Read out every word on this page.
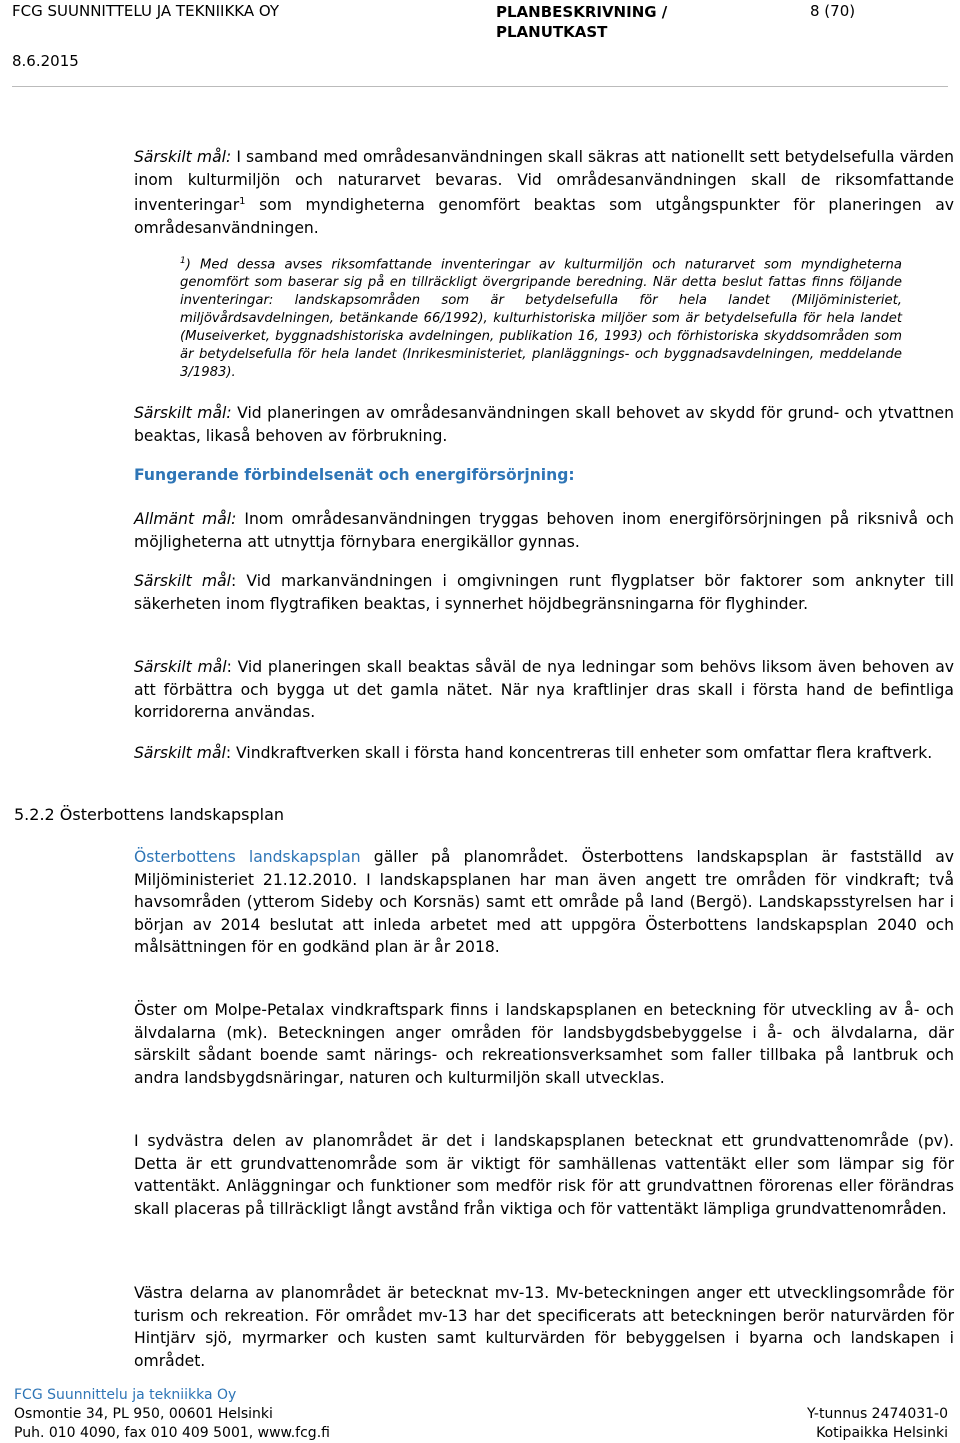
FCG SUUNNITTELU JA TEKNIIKKA OY	PLANBESKRIVNING /
PLANUTKAST
8 (70)
8.6.2015

Särskilt mål: I samband med områdesanvändningen skall säkras att nationellt sett betydelsefulla värden inom kulturmiljön och naturarvet bevaras. Vid områdesanvändningen skall de riksomfattande inventeringar$^1$ som myndigheterna genomfört beaktas som utgångspunkter för planeringen av områdesanvändningen.

$^1$) Med dessa avses riksomfattande inventeringar av kulturmiljön och naturarvet som myndigheterna genomfört som baserar sig på en tillräckligt övergripande beredning. När detta beslut fattas finns följande inventeringar: landskapsområden som är betydelsefulla för hela landet (Miljöministeriet, miljövårdsavdelningen, betänkande 66/1992), kulturhistoriska miljöer som är betydelsefulla för hela landet (Museiverket, byggnadshistoriska avdelningen, publikation 16, 1993) och förhistoriska skyddsområden som är betydelsefulla för hela landet (Inrikesministeriet, planläggnings- och byggnadsavdelningen, meddelande 3/1983).

Särskilt mål: Vid planeringen av områdesanvändningen skall behovet av skydd för grund- och ytvattnen beaktas, likaså behoven av förbrukning.

Fungerande förbindelsenät och energiförsörjning:

Allmänt mål: Inom områdesanvändningen tryggas behoven inom energiförsörjningen på riksnivå och möjligheterna att utnyttja förnybara energikällor gynnas.

Särskilt mål: Vid markanvändningen i omgivningen runt flygplatser bör faktorer som anknyter till säkerheten inom flygtrafiken beaktas, i synnerhet höjdbegränsningarna för flyghinder.

Särskilt mål: Vid planeringen skall beaktas såväl de nya ledningar som behövs liksom även behoven av att förbättra och bygga ut det gamla nätet. När nya kraftlinjer dras skall i första hand de befintliga korridorerna användas.

Särskilt mål: Vindkraftverken skall i första hand koncentreras till enheter som omfattar flera kraftverk.

5.2.2 Österbottens landskapsplan

Österbottens landskapsplan gäller på planområdet. Österbottens landskapsplan är fastställd av Miljöministeriet 21.12.2010. I landskapsplanen har man även angett tre områden för vindkraft; två havsområden (ytterom Sideby och Korsnäs) samt ett område på land (Bergö). Landskapsstyrelsen har i början av 2014 beslutat att inleda arbetet med att uppgöra Österbottens landskapsplan 2040 och målsättningen för en godkänd plan är år 2018.

Öster om Molpe-Petalax vindkraftspark finns i landskapsplanen en beteckning för utveckling av å- och älvdalarna (mk). Beteckningen anger områden för landsbygdsbebyggelse i å- och älvdalarna, där särskilt sådant boende samt närings- och rekreationsverksamhet som faller tillbaka på lantbruk och andra landsbygdsnäringar, naturen och kulturmiljön skall utvecklas.

I sydvästra delen av planområdet är det i landskapsplanen betecknat ett grundvattenområde (pv). Detta är ett grundvattenområde som är viktigt för samhällenas vattentäkt eller som lämpar sig för vattentäkt. Anläggningar och funktioner som medför risk för att grundvattnen förorenas eller förändras skall placeras på tillräckligt långt avstånd från viktiga och för vattentäkt lämpliga grundvattenområden.

Västra delarna av planområdet är betecknat mv-13. Mv-beteckningen anger ett utvecklingsområde för turism och rekreation. För området mv-13 har det specificerats att beteckningen berör naturvärden för Hintjärv sjö, myrmarker och kusten samt kulturvärden för bebyggelsen i byarna och landskapen i området.

FCG Suunnittelu ja tekniikka Oy
Osmontie 34, PL 950, 00601 Helsinki
Puh. 010 4090, fax 010 409 5001, www.fcg.fi
Y-tunnus 2474031-0
Kotipaikka Helsinki
